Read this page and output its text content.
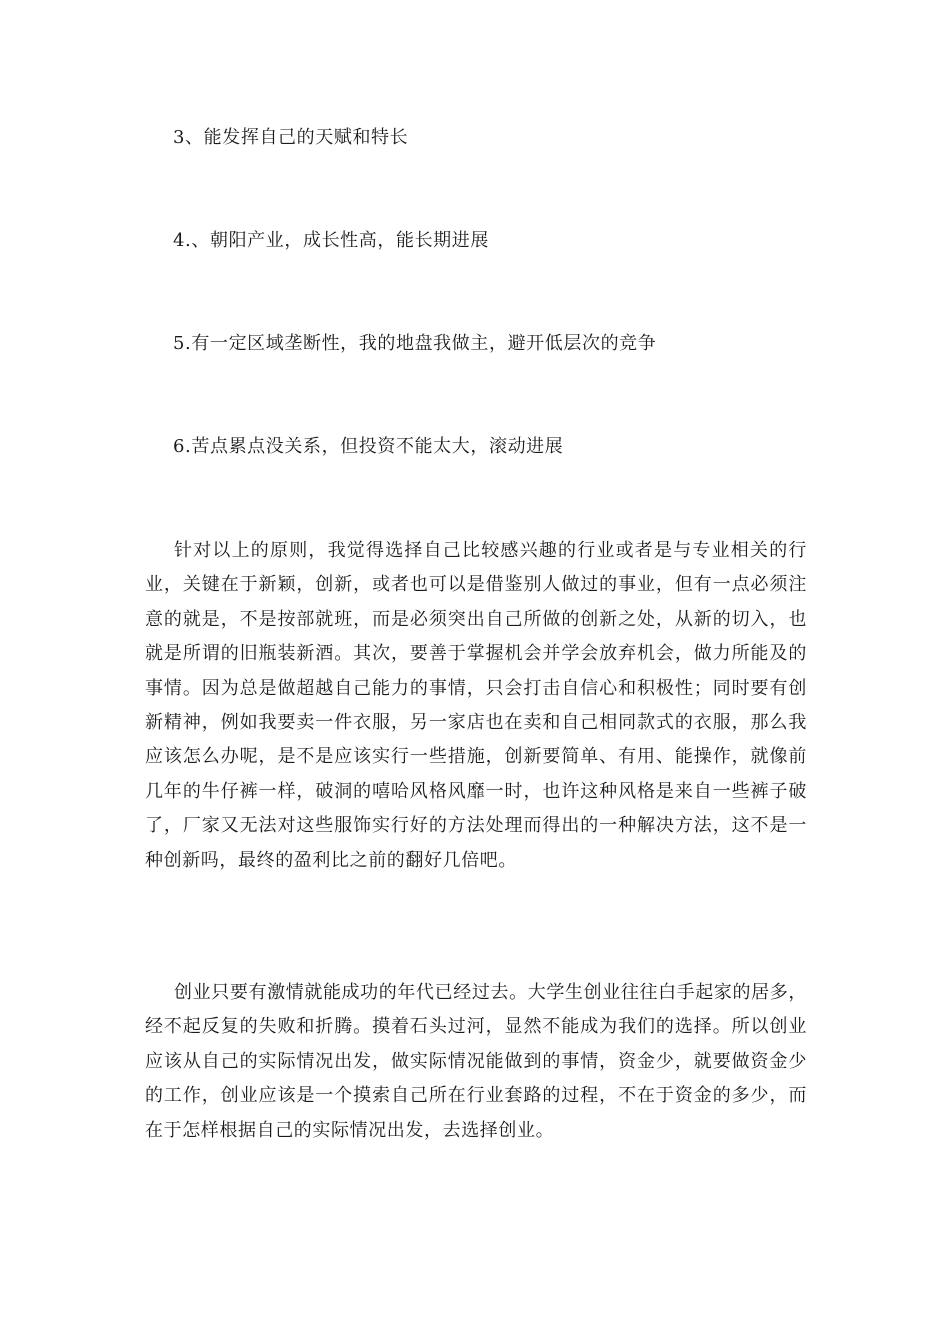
3、能发挥自己的天赋和特长
4.、朝阳产业，成长性高，能长期进展
5.有一定区域垄断性，我的地盘我做主，避开低层次的竞争
6.苦点累点没关系，但投资不能太大，滚动进展

针对以上的原则，我觉得选择自己比较感兴趣的行业或者是与专业相关的行业，关键在于新颖，创新，或者也可以是借鉴别人做过的事业，但有一点必须注意的就是，不是按部就班，而是必须突出自己所做的创新之处，从新的切入，也就是所谓的旧瓶装新酒。其次，要善于掌握机会并学会放弃机会，做力所能及的事情。因为总是做超越自己能力的事情，只会打击自信心和积极性；同时要有创新精神，例如我要卖一件衣服，另一家店也在卖和自己相同款式的衣服，那么我应该怎么办呢，是不是应该实行一些措施，创新要简单、有用、能操作，就像前几年的牛仔裤一样，破洞的嘻哈风格风靡一时，也许这种风格是来自一些裤子破了，厂家又无法对这些服饰实行好的方法处理而得出的一种解决方法，这不是一种创新吗，最终的盈利比之前的翻好几倍吧。

创业只要有激情就能成功的年代已经过去。大学生创业往往白手起家的居多，经不起反复的失败和折腾。摸着石头过河，显然不能成为我们的选择。所以创业应该从自己的实际情况出发，做实际情况能做到的事情，资金少，就要做资金少的工作，创业应该是一个摸索自己所在行业套路的过程，不在于资金的多少，而在于怎样根据自己的实际情况出发，去选择创业。
